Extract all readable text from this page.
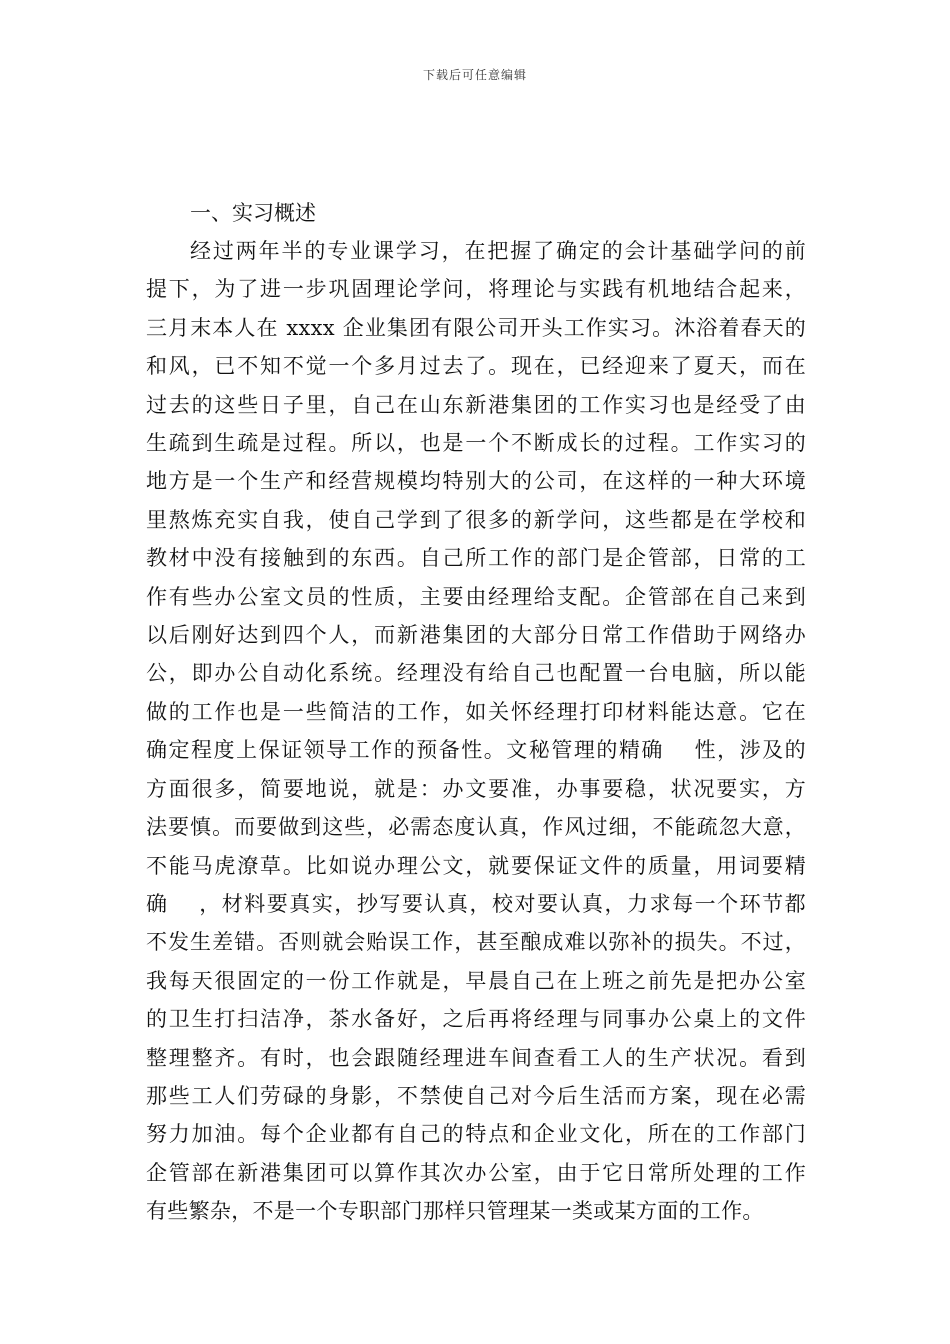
下载后可任意编辑
一、实习概述

经过两年半的专业课学习，在把握了确定的会计基础学问的前
提下，为了进一步巩固理论学问，将理论与实践有机地结合起来，
三月末本人在 xxxx 企业集团有限公司开头工作实习。沐浴着春天的
和风，已不知不觉一个多月过去了。现在，已经迎来了夏天，而在
过去的这些日子里，自己在山东新港集团的工作实习也是经受了由
生疏到生疏是过程。所以，也是一个不断成长的过程。工作实习的
地方是一个生产和经营规模均特别大的公司，在这样的一种大环境
里熬炼充实自我，使自己学到了很多的新学问，这些都是在学校和
教材中没有接触到的东西。自己所工作的部门是企管部，日常的工
作有些办公室文员的性质，主要由经理给支配。企管部在自己来到
以后刚好达到四个人，而新港集团的大部分日常工作借助于网络办
公，即办公自动化系统。经理没有给自己也配置一台电脑，所以能
做的工作也是一些简洁的工作，如关怀经理打印材料能达意。它在
确定程度上保证领导工作的预备性。文秘管理的精确　 性，涉及的
方面很多，简要地说，就是：办文要准，办事要稳，状况要实，方
法要慎。而要做到这些，必需态度认真，作风过细，不能疏忽大意，
不能马虎潦草。比如说办理公文，就要保证文件的质量，用词要精
确　 ，材料要真实，抄写要认真，校对要认真，力求每一个环节都
不发生差错。否则就会贻误工作，甚至酿成难以弥补的损失。不过，
我每天很固定的一份工作就是，早晨自己在上班之前先是把办公室
的卫生打扫洁净，茶水备好，之后再将经理与同事办公桌上的文件
整理整齐。有时，也会跟随经理进车间查看工人的生产状况。看到
那些工人们劳碌的身影，不禁使自己对今后生活而方案，现在必需
努力加油。每个企业都有自己的特点和企业文化，所在的工作部门
企管部在新港集团可以算作其次办公室，由于它日常所处理的工作
有些繁杂，不是一个专职部门那样只管理某一类或某方面的工作。
